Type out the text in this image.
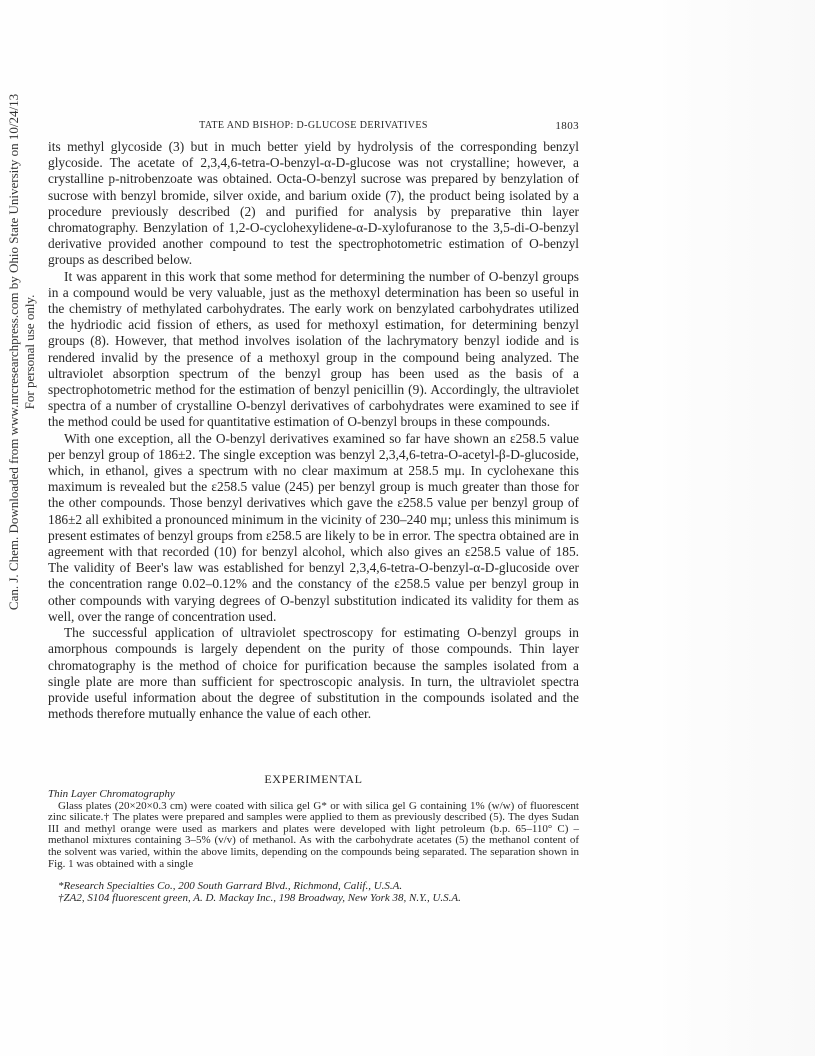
Can. J. Chem. Downloaded from www.nrcresearchpress.com by Ohio State University on 10/24/13 For personal use only.
TATE AND BISHOP: D-GLUCOSE DERIVATIVES	1803

its methyl glycoside (3) but in much better yield by hydrolysis of the corresponding benzyl glycoside. The acetate of 2,3,4,6-tetra-O-benzyl-α-D-glucose was not crystalline; however, a crystalline p-nitrobenzoate was obtained. Octa-O-benzyl sucrose was prepared by benzylation of sucrose with benzyl bromide, silver oxide, and barium oxide (7), the product being isolated by a procedure previously described (2) and purified for analysis by preparative thin layer chromatography. Benzylation of 1,2-O-cyclohexylidene-α-D-xylofuranose to the 3,5-di-O-benzyl derivative provided another compound to test the spectrophotometric estimation of O-benzyl groups as described below.

It was apparent in this work that some method for determining the number of O-benzyl groups in a compound would be very valuable, just as the methoxyl determination has been so useful in the chemistry of methylated carbohydrates. The early work on benzylated carbohydrates utilized the hydriodic acid fission of ethers, as used for methoxyl estimation, for determining benzyl groups (8). However, that method involves isolation of the lachrymatory benzyl iodide and is rendered invalid by the presence of a methoxyl group in the compound being analyzed. The ultraviolet absorption spectrum of the benzyl group has been used as the basis of a spectrophotometric method for the estimation of benzyl penicillin (9). Accordingly, the ultraviolet spectra of a number of crystalline O-benzyl derivatives of carbohydrates were examined to see if the method could be used for quantitative estimation of O-benzyl broups in these compounds.

With one exception, all the O-benzyl derivatives examined so far have shown an ε258.5 value per benzyl group of 186±2. The single exception was benzyl 2,3,4,6-tetra-O-acetyl-β-D-glucoside, which, in ethanol, gives a spectrum with no clear maximum at 258.5 mμ. In cyclohexane this maximum is revealed but the ε258.5 value (245) per benzyl group is much greater than those for the other compounds. Those benzyl derivatives which gave the ε258.5 value per benzyl group of 186±2 all exhibited a pronounced minimum in the vicinity of 230–240 mμ; unless this minimum is present estimates of benzyl groups from ε258.5 are likely to be in error. The spectra obtained are in agreement with that recorded (10) for benzyl alcohol, which also gives an ε258.5 value of 185. The validity of Beer's law was established for benzyl 2,3,4,6-tetra-O-benzyl-α-D-glucoside over the concentration range 0.02–0.12% and the constancy of the ε258.5 value per benzyl group in other compounds with varying degrees of O-benzyl substitution indicated its validity for them as well, over the range of concentration used.

The successful application of ultraviolet spectroscopy for estimating O-benzyl groups in amorphous compounds is largely dependent on the purity of those compounds. Thin layer chromatography is the method of choice for purification because the samples isolated from a single plate are more than sufficient for spectroscopic analysis. In turn, the ultraviolet spectra provide useful information about the degree of substitution in the compounds isolated and the methods therefore mutually enhance the value of each other.

EXPERIMENTAL
Thin Layer Chromatography

Glass plates (20×20×0.3 cm) were coated with silica gel G* or with silica gel G containing 1% (w/w) of fluorescent zinc silicate.† The plates were prepared and samples were applied to them as previously described (5). The dyes Sudan III and methyl orange were used as markers and plates were developed with light petroleum (b.p. 65–110° C) – methanol mixtures containing 3–5% (v/v) of methanol. As with the carbohydrate acetates (5) the methanol content of the solvent was varied, within the above limits, depending on the compounds being separated. The separation shown in Fig. 1 was obtained with a single

*Research Specialties Co., 200 South Garrard Blvd., Richmond, Calif., U.S.A.
†ZA2, S104 fluorescent green, A. D. Mackay Inc., 198 Broadway, New York 38, N.Y., U.S.A.
